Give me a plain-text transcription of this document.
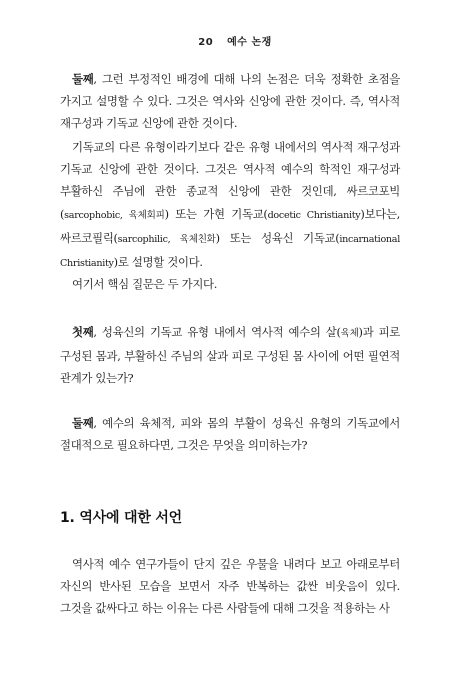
20 예수 논쟁

둘째, 그런 부정적인 배경에 대해 나의 논점은 더욱 정확한 초점을 가지고 설명할 수 있다. 그것은 역사와 신앙에 관한 것이다. 즉, 역사적 재구성과 기독교 신앙에 관한 것이다.

기독교의 다른 유형이라기보다 같은 유형 내에서의 역사적 재구성과 기독교 신앙에 관한 것이다. 그것은 역사적 예수의 학적인 재구성과 부활하신 주님에 관한 종교적 신앙에 관한 것인데, 싸르코포빅(sarcophobic, 육체회피) 또는 가현 기독교(docetic Christianity)보다는, 싸르코필릭(sarcophilic, 육체친화) 또는 성육신 기독교(incarnational Christianity)로 설명할 것이다.

여기서 핵심 질문은 두 가지다.

첫째, 성육신의 기독교 유형 내에서 역사적 예수의 살(육체)과 피로 구성된 몸과, 부활하신 주님의 살과 피로 구성된 몸 사이에 어떤 필연적 관계가 있는가?

둘째, 예수의 육체적, 피와 몸의 부활이 성육신 유형의 기독교에서 절대적으로 필요하다면, 그것은 무엇을 의미하는가?

1. 역사에 대한 서언

역사적 예수 연구가들이 단지 깊은 우물을 내려다 보고 아래로부터 자신의 반사된 모습을 보면서 자주 반복하는 값싼 비웃음이 있다. 그것을 값싸다고 하는 이유는 다른 사람들에 대해 그것을 적용하는 사
